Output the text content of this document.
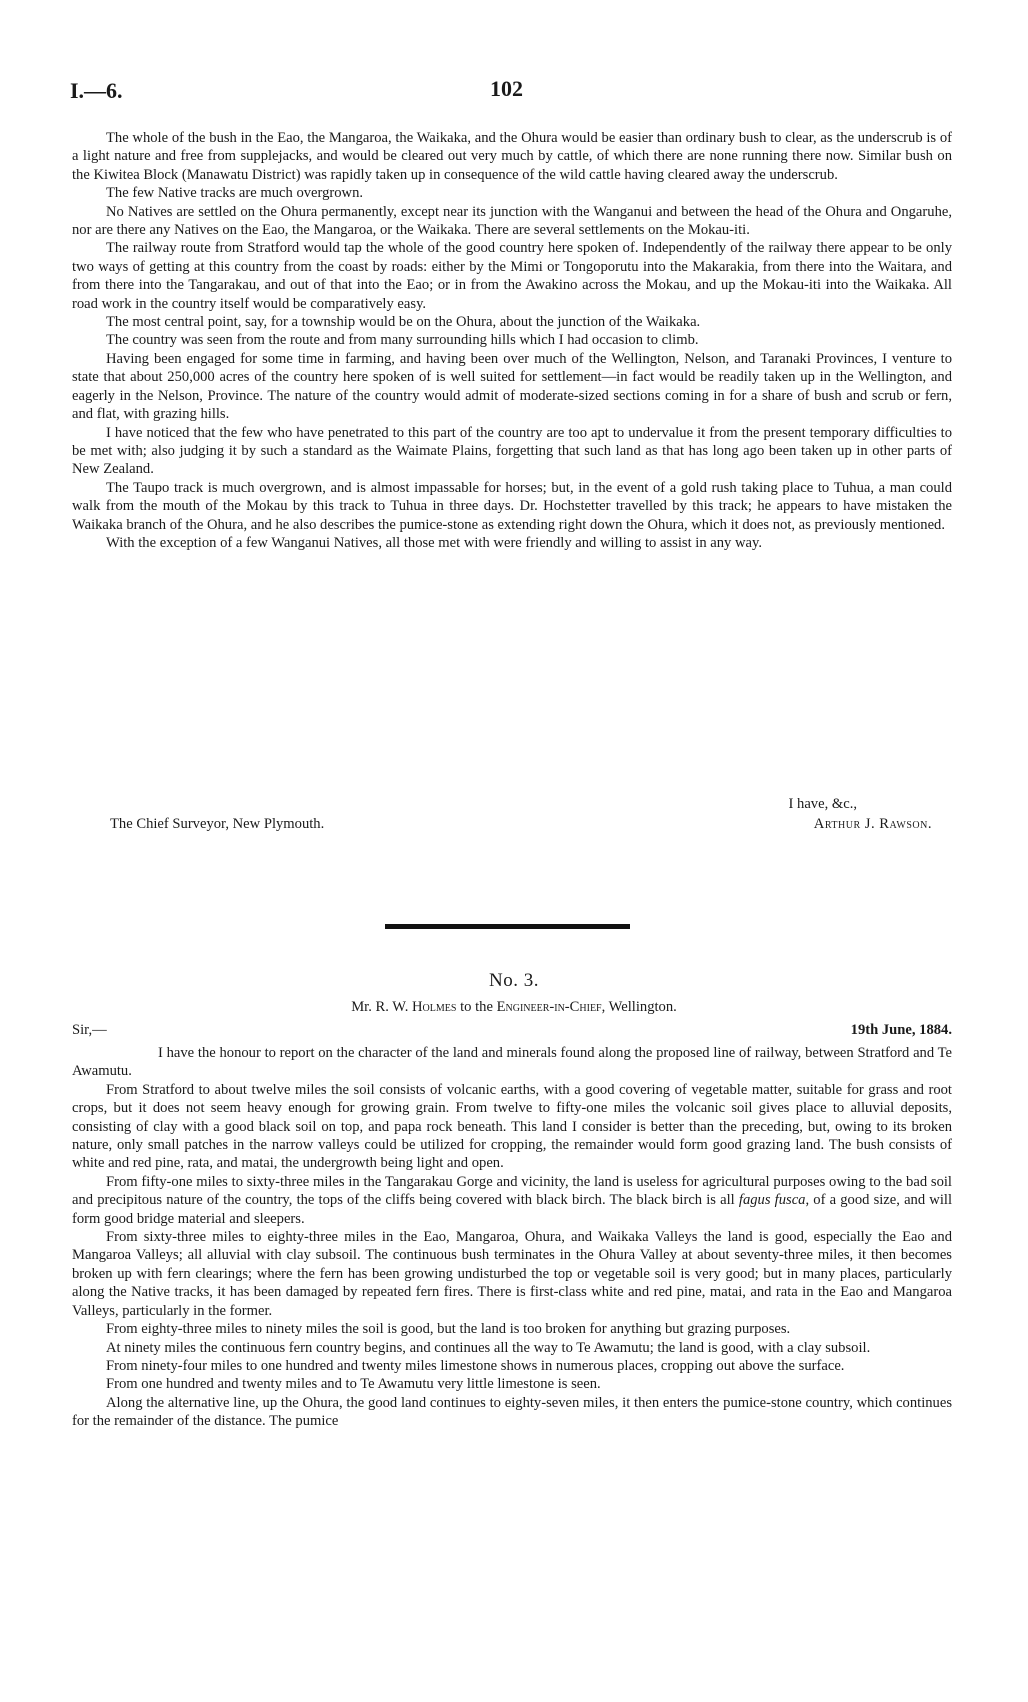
I.—6.	102

The whole of the bush in the Eao, the Mangaroa, the Waikaka, and the Ohura would be easier than ordinary bush to clear, as the underscrub is of a light nature and free from supplejacks, and would be cleared out very much by cattle, of which there are none running there now. Similar bush on the Kiwitea Block (Manawatu District) was rapidly taken up in consequence of the wild cattle having cleared away the underscrub.

The few Native tracks are much overgrown.

No Natives are settled on the Ohura permanently, except near its junction with the Wanganui and between the head of the Ohura and Ongaruhe, nor are there any Natives on the Eao, the Mangaroa, or the Waikaka. There are several settlements on the Mokau-iti.

The railway route from Stratford would tap the whole of the good country here spoken of. Independently of the railway there appear to be only two ways of getting at this country from the coast by roads: either by the Mimi or Tongoporutu into the Makarakia, from there into the Waitara, and from there into the Tangarakau, and out of that into the Eao; or in from the Awakino across the Mokau, and up the Mokau-iti into the Waikaka. All road work in the country itself would be comparatively easy.

The most central point, say, for a township would be on the Ohura, about the junction of the Waikaka.

The country was seen from the route and from many surrounding hills which I had occasion to climb.

Having been engaged for some time in farming, and having been over much of the Wellington, Nelson, and Taranaki Provinces, I venture to state that about 250,000 acres of the country here spoken of is well suited for settlement—in fact would be readily taken up in the Wellington, and eagerly in the Nelson, Province. The nature of the country would admit of moderate-sized sections coming in for a share of bush and scrub or fern, and flat, with grazing hills.

I have noticed that the few who have penetrated to this part of the country are too apt to undervalue it from the present temporary difficulties to be met with; also judging it by such a standard as the Waimate Plains, forgetting that such land as that has long ago been taken up in other parts of New Zealand.

The Taupo track is much overgrown, and is almost impassable for horses; but, in the event of a gold rush taking place to Tuhua, a man could walk from the mouth of the Mokau by this track to Tuhua in three days. Dr. Hochstetter travelled by this track; he appears to have mistaken the Waikaka branch of the Ohura, and he also describes the pumice-stone as extending right down the Ohura, which it does not, as previously mentioned.

With the exception of a few Wanganui Natives, all those met with were friendly and willing to assist in any way.

I have, &c.,
The Chief Surveyor, New Plymouth.	Arthur J. Rawson.
No. 3.
Mr. R. W. Holmes to the Engineer-in-Chief, Wellington.
Sir,—	19th June, 1884.

I have the honour to report on the character of the land and minerals found along the proposed line of railway, between Stratford and Te Awamutu.

From Stratford to about twelve miles the soil consists of volcanic earths, with a good covering of vegetable matter, suitable for grass and root crops, but it does not seem heavy enough for growing grain. From twelve to fifty-one miles the volcanic soil gives place to alluvial deposits, consisting of clay with a good black soil on top, and papa rock beneath. This land I consider is better than the preceding, but, owing to its broken nature, only small patches in the narrow valleys could be utilized for cropping, the remainder would form good grazing land. The bush consists of white and red pine, rata, and matai, the undergrowth being light and open.

From fifty-one miles to sixty-three miles in the Tangarakau Gorge and vicinity, the land is useless for agricultural purposes owing to the bad soil and precipitous nature of the country, the tops of the cliffs being covered with black birch. The black birch is all fagus fusca, of a good size, and will form good bridge material and sleepers.

From sixty-three miles to eighty-three miles in the Eao, Mangaroa, Ohura, and Waikaka Valleys the land is good, especially the Eao and Mangaroa Valleys; all alluvial with clay subsoil. The continuous bush terminates in the Ohura Valley at about seventy-three miles, it then becomes broken up with fern clearings; where the fern has been growing undisturbed the top or vegetable soil is very good; but in many places, particularly along the Native tracks, it has been damaged by repeated fern fires. There is first-class white and red pine, matai, and rata in the Eao and Mangaroa Valleys, particularly in the former.

From eighty-three miles to ninety miles the soil is good, but the land is too broken for anything but grazing purposes.

At ninety miles the continuous fern country begins, and continues all the way to Te Awamutu; the land is good, with a clay subsoil.

From ninety-four miles to one hundred and twenty miles limestone shows in numerous places, cropping out above the surface.

From one hundred and twenty miles and to Te Awamutu very little limestone is seen.

Along the alternative line, up the Ohura, the good land continues to eighty-seven miles, it then enters the pumice-stone country, which continues for the remainder of the distance. The pumice
